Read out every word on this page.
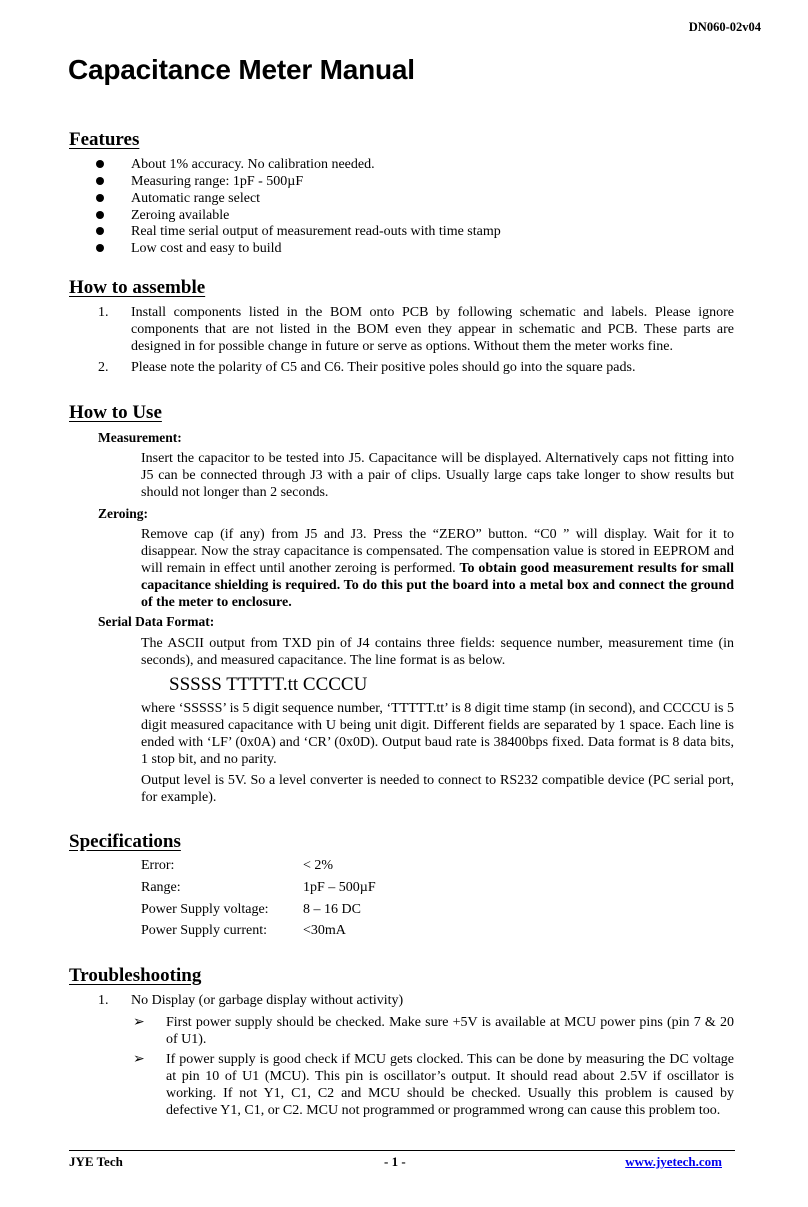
DN060-02v04
Capacitance Meter Manual
Features
About 1% accuracy. No calibration needed.
Measuring range: 1pF - 500µF
Automatic range select
Zeroing available
Real time serial output of measurement read-outs with time stamp
Low cost and easy to build
How to assemble
1. Install components listed in the BOM onto PCB by following schematic and labels. Please ignore components that are not listed in the BOM even they appear in schematic and PCB. These parts are designed in for possible change in future or serve as options. Without them the meter works fine.
2. Please note the polarity of C5 and C6. Their positive poles should go into the square pads.
How to Use
Measurement:
Insert the capacitor to be tested into J5. Capacitance will be displayed. Alternatively caps not fitting into J5 can be connected through J3 with a pair of clips. Usually large caps take longer to show results but should not longer than 2 seconds.
Zeroing:
Remove cap (if any) from J5 and J3. Press the “ZERO” button. “C0 ” will display. Wait for it to disappear. Now the stray capacitance is compensated. The compensation value is stored in EEPROM and will remain in effect until another zeroing is performed. To obtain good measurement results for small capacitance shielding is required. To do this put the board into a metal box and connect the ground of the meter to enclosure.
Serial Data Format:
The ASCII output from TXD pin of J4 contains three fields: sequence number, measurement time (in seconds), and measured capacitance. The line format is as below.
SSSSS TTTTT.tt CCCCU
where ‘SSSSS’ is 5 digit sequence number, ‘TTTTT.tt’ is 8 digit time stamp (in second), and CCCCU is 5 digit measured capacitance with U being unit digit. Different fields are separated by 1 space. Each line is ended with ‘LF’ (0x0A) and ‘CR’ (0x0D). Output baud rate is 38400bps fixed. Data format is 8 data bits, 1 stop bit, and no parity.
Output level is 5V. So a level converter is needed to connect to RS232 compatible device (PC serial port, for example).
Specifications
Error:	< 2%
Range:	1pF – 500µF
Power Supply voltage: 8 – 16 DC
Power Supply current:	<30mA
Troubleshooting
1. No Display (or garbage display without activity)
➢ First power supply should be checked. Make sure +5V is available at MCU power pins (pin 7 & 20 of U1).
➢ If power supply is good check if MCU gets clocked. This can be done by measuring the DC voltage at pin 10 of U1 (MCU). This pin is oscillator’s output. It should read about 2.5V if oscillator is working. If not Y1, C1, C2 and MCU should be checked. Usually this problem is caused by defective Y1, C1, or C2. MCU not programmed or programmed wrong can cause this problem too.
JYE Tech	- 1 -	www.jyetech.com
